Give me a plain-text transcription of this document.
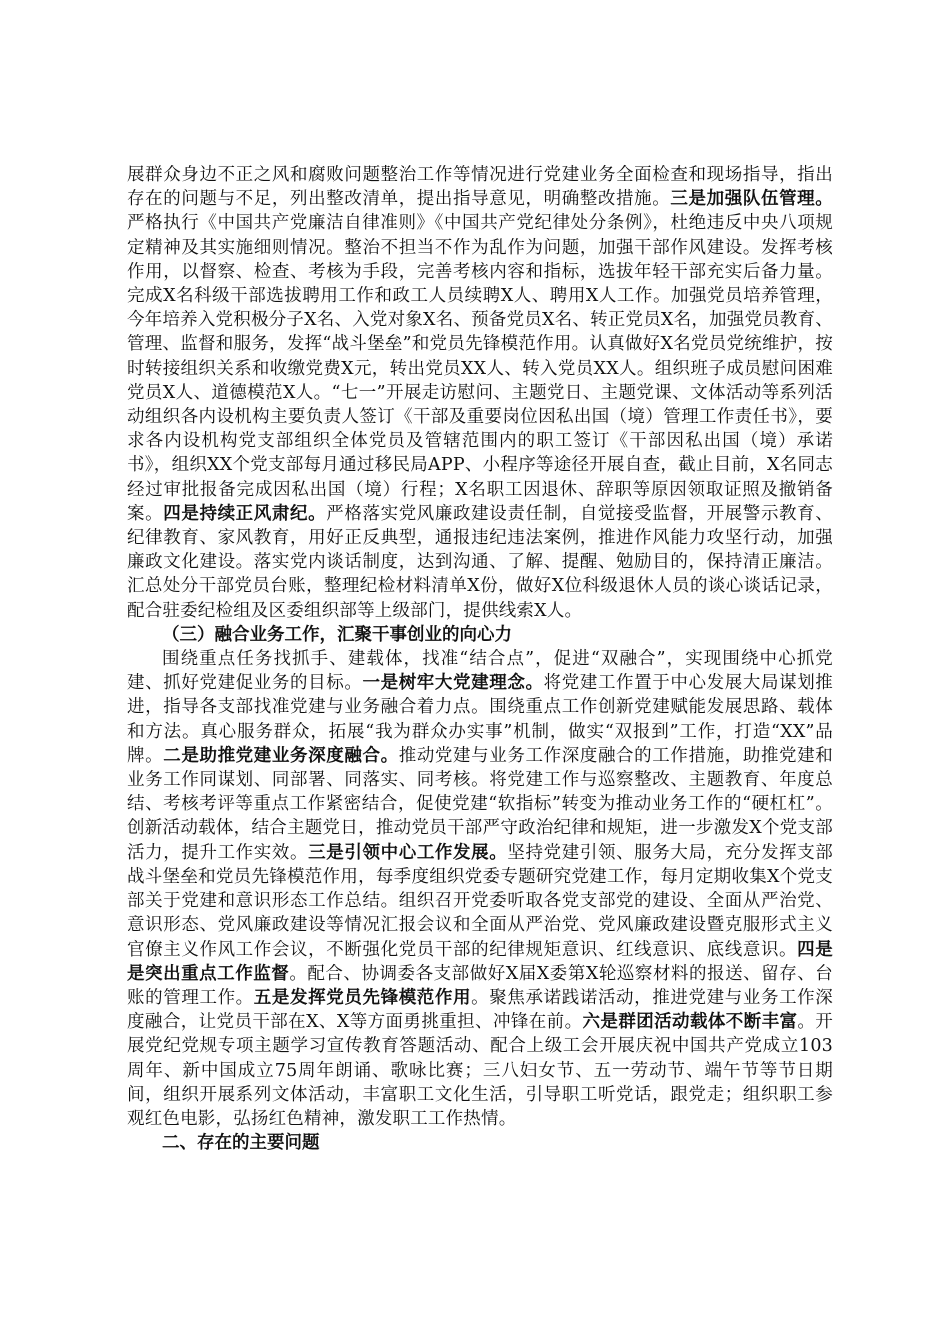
展群众身边不正之风和腐败问题整治工作等情况进行党建业务全面检查和现场指导，指出存在的问题与不足，列出整改清单，提出指导意见，明确整改措施。三是加强队伍管理。严格执行《中国共产党廉洁自律准则》《中国共产党纪律处分条例》，杜绝违反中央八项规定精神及其实施细则情况。整治不担当不作为乱作为问题，加强干部作风建设。发挥考核作用，以督察、检查、考核为手段，完善考核内容和指标，选拔年轻干部充实后备力量。完成X名科级干部选拔聘用工作和政工人员续聘X人、聘用X人工作。加强党员培养管理，今年培养入党积极分子X名、入党对象X名、预备党员X名、转正党员X名，加强党员教育、管理、监督和服务，发挥“战斗堡垒”和党员先锋模范作用。认真做好X名党员党统维护，按时转接组织关系和收缴党费X元，转出党员XX人、转入党员XX人。组织班子成员慰问困难党员X人、道德模范X人。“七一”开展走访慰问、主题党日、主题党课、文体活动等系列活动组织各内设机构主要负责人签订《干部及重要岗位因私出国（境）管理工作责任书》，要求各内设机构党支部组织全体党员及管辖范围内的职工签订《干部因私出国（境）承诺书》，组织XX个党支部每月通过移民局APP、小程序等途径开展自查，截止目前，X名同志经过审批报备完成因私出国（境）行程；X名职工因退休、辞职等原因领取证照及撤销备案。四是持续正风肃纪。严格落实党风廉政建设责任制，自觉接受监督，开展警示教育、纪律教育、家风教育，用好正反典型，通报违纪违法案例，推进作风能力攻坚行动，加强廉政文化建设。落实党内谈话制度，达到沟通、了解、提醒、勉励目的，保持清正廉洁。汇总处分干部党员台账，整理纪检材料清单X份，做好X位科级退休人员的谈心谈话记录，配合驻委纪检组及区委组织部等上级部门，提供线索X人。

（三）融合业务工作，汇聚干事创业的向心力

围绕重点任务找抓手、建载体，找准“结合点”，促进“双融合”，实现围绕中心抓党建、抓好党建促业务的目标。一是树牢大党建理念。将党建工作置于中心发展大局谋划推进，指导各支部找准党建与业务融合着力点。围绕重点工作创新党建赋能发展思路、载体和方法。真心服务群众，拓展“我为群众办实事”机制，做实“双报到”工作，打造“XX”品牌。二是助推党建业务深度融合。推动党建与业务工作深度融合的工作措施，助推党建和业务工作同谋划、同部署、同落实、同考核。将党建工作与巡察整改、主题教育、年度总结、考核考评等重点工作紧密结合，促使党建“软指标”转变为推动业务工作的“硬杠杠”。创新活动载体，结合主题党日，推动党员干部严守政治纪律和规矩，进一步激发X个党支部活力，提升工作实效。三是引领中心工作发展。坚持党建引领、服务大局，充分发挥支部战斗堡垒和党员先锋模范作用，每季度组织党委专题研究党建工作，每月定期收集X个党支部关于党建和意识形态工作总结。组织召开党委听取各党支部党的建设、全面从严治党、意识形态、党风廉政建设等情况汇报会议和全面从严治党、党风廉政建设暨克服形式主义官僚主义作风工作会议，不断强化党员干部的纪律规矩意识、红线意识、底线意识。四是是突出重点工作监督。配合、协调委各支部做好X届X委第X轮巡察材料的报送、留存、台账的管理工作。五是发挥党员先锋模范作用。聚焦承诺践诺活动，推进党建与业务工作深度融合，让党员干部在X、X等方面勇挑重担、冲锋在前。六是群团活动载体不断丰富。开展党纪党规专项主题学习宣传教育答题活动、配合上级工会开展庆祝中国共产党成立103周年、新中国成立75周年朗诵、歌咏比赛；三八妇女节、五一劳动节、端午节等节日期间，组织开展系列文体活动，丰富职工文化生活，引导职工听党话，跟党走；组织职工参观红色电影，弘扬红色精神，激发职工工作热情。

二、存在的主要问题
